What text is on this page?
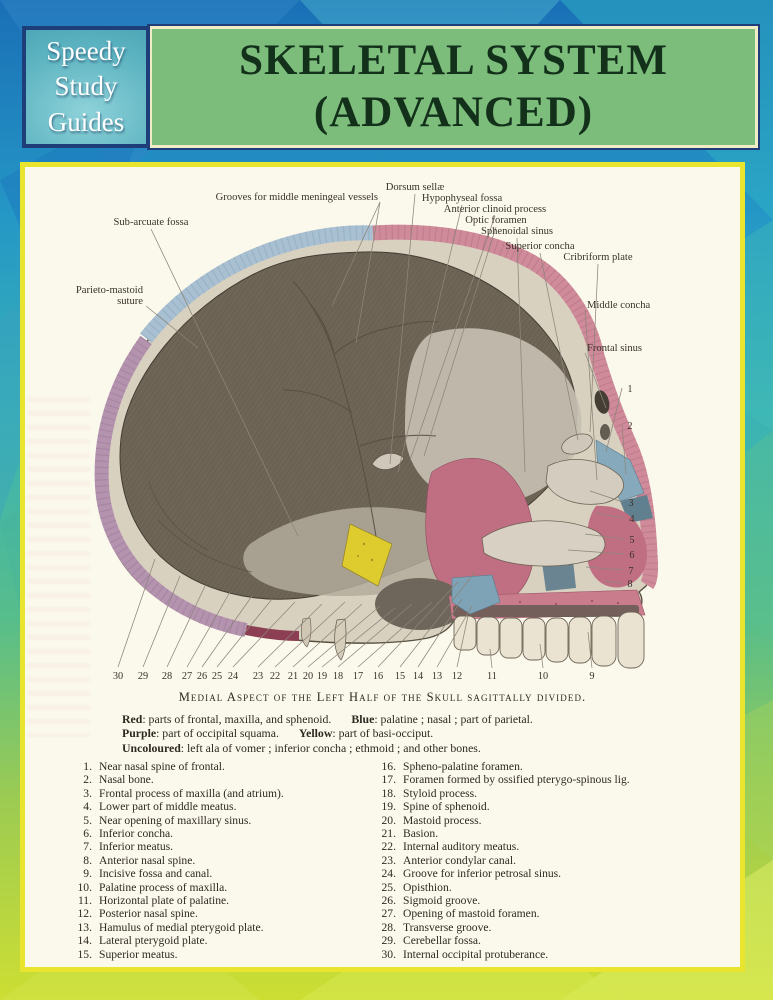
Speedy
Study
Guides
SKELETAL SYSTEM
(ADVANCED)
Dorsum sellæ
Hypophyseal fossa
Anterior clinoid process
Optic foramen
Sphenoidal sinus
Grooves for middle meningeal vessels
Sub-arcuate fossa
Superior concha
Cribriform plate
Parieto-mastoid
suture	Middle concha
Frontal sinus
1
2
3
4
5
6
7
8
30 29 28 27 26 25 24 23 22 21 20 19 18 17 16 15 14 13 12 11	10	9
Medial Aspect of the Left Half of the Skull sagittally divided.
Red: parts of frontal, maxilla, and sphenoid. Blue: palatine ; nasal ; part of parietal.
Purple: part of occipital squama. Yellow: part of basi-occiput.
Uncoloured: left ala of vomer ; inferior concha ; ethmoid ; and other bones.
1. Near nasal spine of frontal.
2. Nasal bone.
3. Frontal process of maxilla (and atrium).
4. Lower part of middle meatus.
5. Near opening of maxillary sinus.
6. Inferior concha.
7. Inferior meatus.
8. Anterior nasal spine.
9. Incisive fossa and canal.
10. Palatine process of maxilla.
11. Horizontal plate of palatine.
12. Posterior nasal spine.
13. Hamulus of medial pterygoid plate.
14. Lateral pterygoid plate.
15. Superior meatus.
16. Spheno-palatine foramen.
17. Foramen formed by ossified pterygo-spinous lig.
18. Styloid process.
19. Spine of sphenoid.
20. Mastoid process.
21. Basion.
22. Internal auditory meatus.
23. Anterior condylar canal.
24. Groove for inferior petrosal sinus.
25. Opisthion.
26. Sigmoid groove.
27. Opening of mastoid foramen.
28. Transverse groove.
29. Cerebellar fossa.
30. Internal occipital protuberance.
